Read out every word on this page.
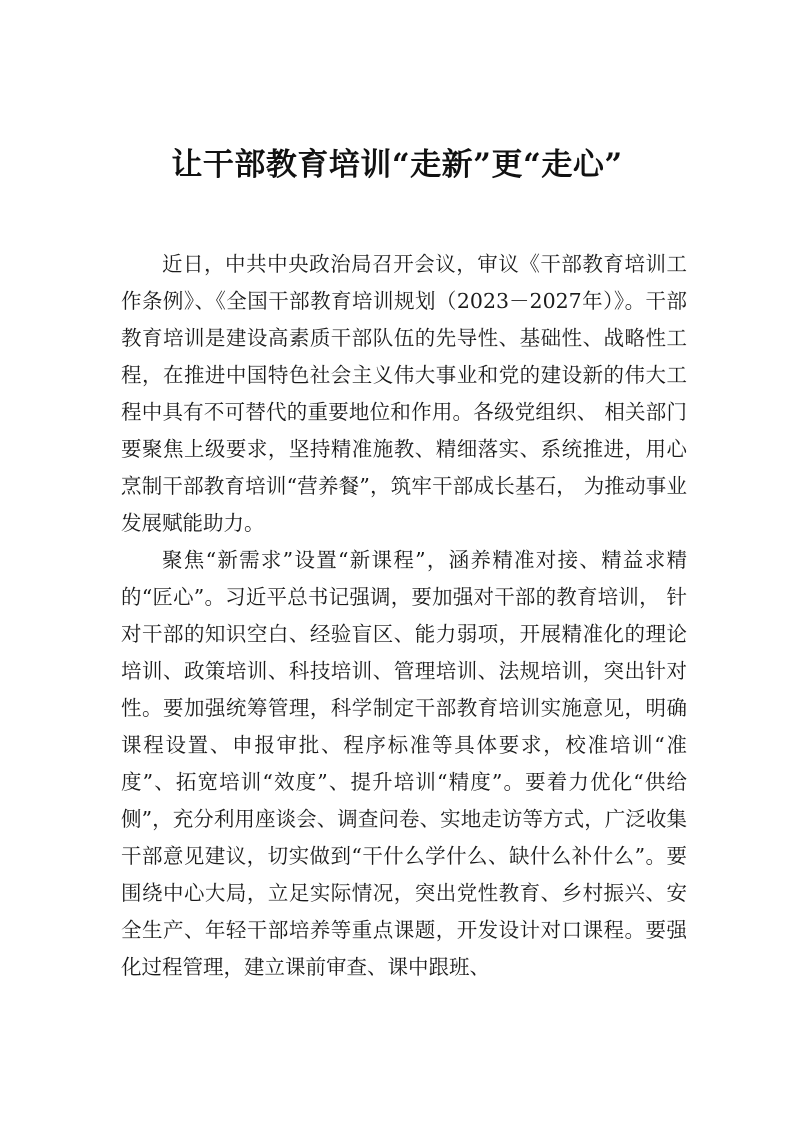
让干部教育培训“走新”更“走心”

近日，中共中央政治局召开会议，审议《干部教育培训工作条例》、《全国干部教育培训规划（2023－2027年）》。干部教育培训是建设高素质干部队伍的先导性、基础性、战略性工程，在推进中国特色社会主义伟大事业和党的建设新的伟大工程中具有不可替代的重要地位和作用。各级党组织、 相关部门要聚焦上级要求，坚持精准施教、精细落实、系统推进，用心烹制干部教育培训“营养餐”，筑牢干部成长基石， 为推动事业发展赋能助力。

聚焦“新需求”设置“新课程”，涵养精准对接、精益求精的“匠心”。习近平总书记强调，要加强对干部的教育培训， 针对干部的知识空白、经验盲区、能力弱项，开展精准化的理论培训、政策培训、科技培训、管理培训、法规培训，突出针对性。要加强统筹管理，科学制定干部教育培训实施意见，明确课程设置、申报审批、程序标准等具体要求，校准培训“准度”、拓宽培训“效度”、提升培训“精度”。要着力优化“供给侧”，充分利用座谈会、调查问卷、实地走访等方式，广泛收集干部意见建议，切实做到“干什么学什么、缺什么补什么”。要围绕中心大局，立足实际情况，突出党性教育、乡村振兴、安全生产、年轻干部培养等重点课题，开发设计对口课程。要强化过程管理，建立课前审查、课中跟班、
